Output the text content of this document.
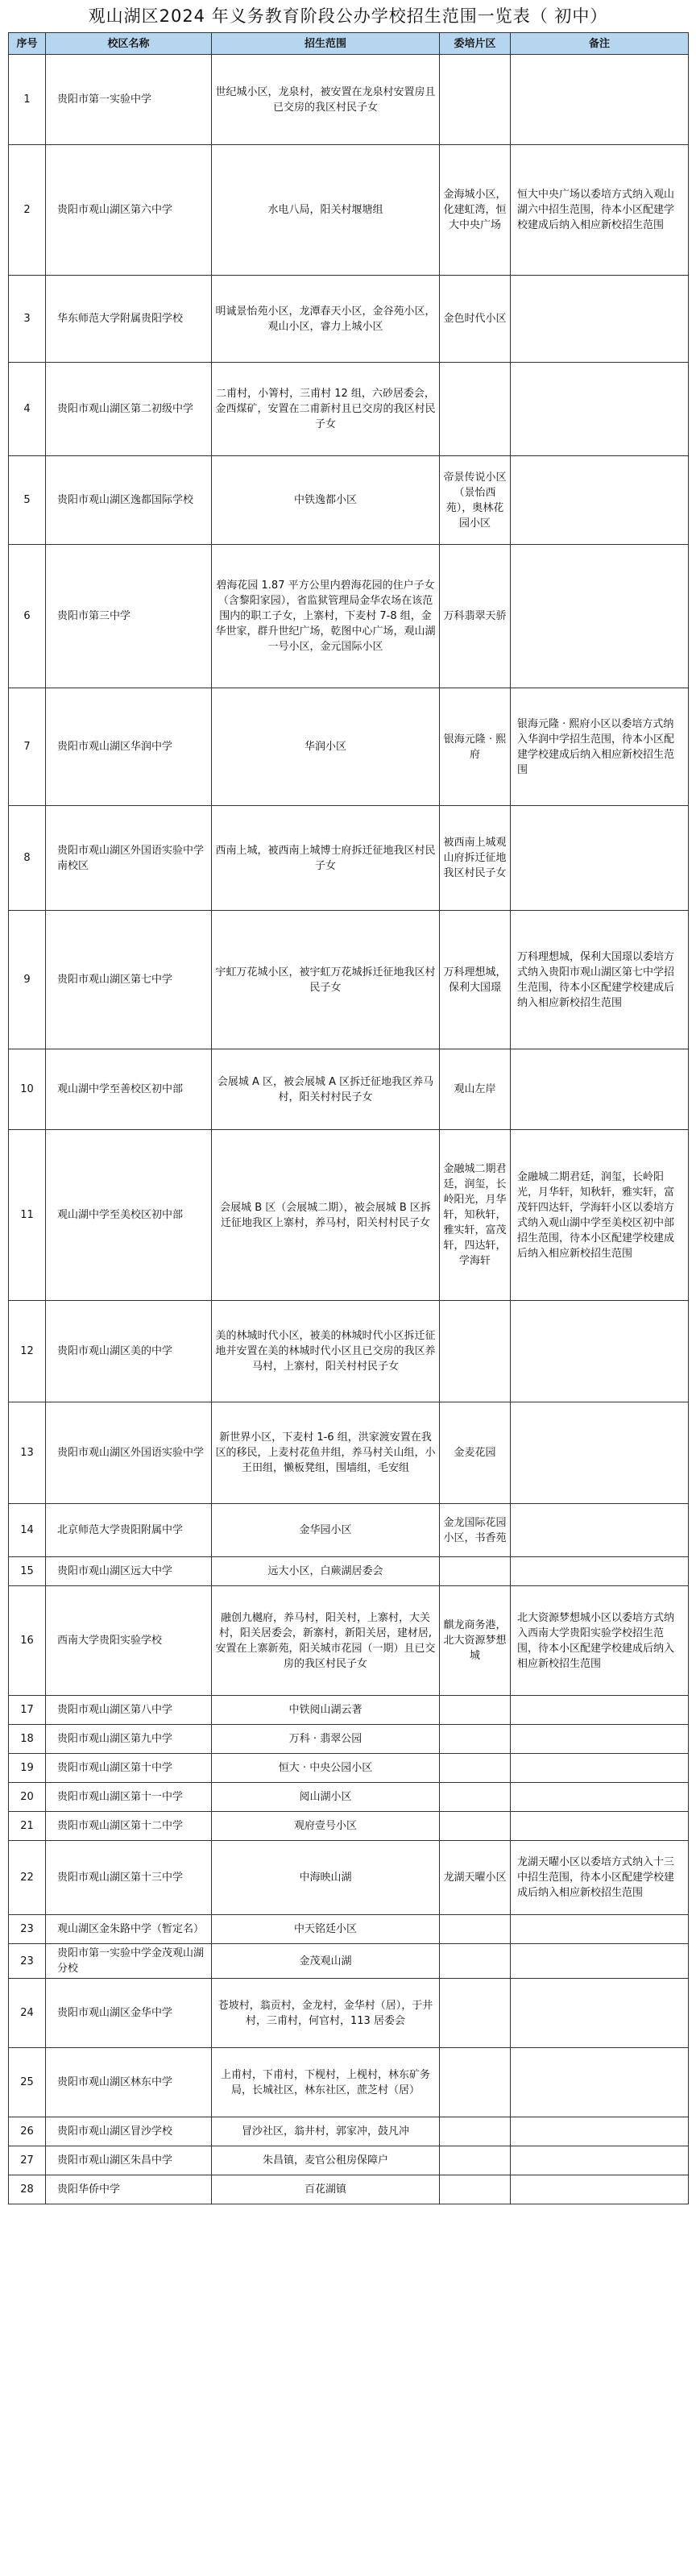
观山湖区2024 年义务教育阶段公办学校招生范围一览表（ 初中）
序号	校区名称	招生范围	委培片区	备注

1	贵阳市第一实验中学	世纪城小区，龙泉村，被安置在龙泉村安置房且已交房的我区村民子女		

2	贵阳市观山湖区第六中学	水电八局，阳关村堰塘组	金海城小区，化建虹湾，恒大中央广场	恒大中央广场以委培方式纳入观山湖六中招生范围，待本小区配建学校建成后纳入相应新校招生范围

3	华东师范大学附属贵阳学校	明诚景怡苑小区，龙潭春天小区，金谷苑小区，观山小区，睿力上城小区	金色时代小区	

4	贵阳市观山湖区第二初级中学	二甫村，小箐村，三甫村 12 组，六砂居委会，金西煤矿，安置在二甫新村且已交房的我区村民子女		

5	贵阳市观山湖区逸都国际学校	中铁逸都小区	帝景传说小区（景怡西苑），奥林花园小区	

6	贵阳市第三中学	碧海花园 1.87 平方公里内碧海花园的住户子女（含黎阳家园），省监狱管理局金华农场在该范围内的职工子女，上寨村，下麦村 7-8 组，金华世家，群升世纪广场，乾图中心广场，观山湖一号小区，金元国际小区	万科翡翠天骄	

7	贵阳市观山湖区华润中学	华润小区	银海元隆 · 熙府	银海元隆 · 熙府小区以委培方式纳入华润中学招生范围，待本小区配建学校建成后纳入相应新校招生范围

8	贵阳市观山湖区外国语实验中学南校区	西南上城，被西南上城博士府拆迁征地我区村民子女	被西南上城观山府拆迁征地我区村民子女	

9	贵阳市观山湖区第七中学	宇虹万花城小区，被宇虹万花城拆迁征地我区村民子女	万科理想城，保利大国璟	万科理想城，保利大国璟以委培方式纳入贵阳市观山湖区第七中学招生范围，待本小区配建学校建成后纳入相应新校招生范围

10	观山湖中学至善校区初中部	会展城 A 区，被会展城 A 区拆迁征地我区养马村，阳关村村民子女	观山左岸	

11	观山湖中学至美校区初中部	会展城 B 区（会展城二期），被会展城 B 区拆迁征地我区上寨村，养马村，阳关村村民子女	金融城二期君廷，润玺，长岭阳光，月华轩，知秋轩，雅实轩，富茂轩，四达轩，学海轩	金融城二期君廷，润玺，长岭阳光，月华轩，知秋轩，雅实轩，富茂轩四达轩，学海轩小区以委培方式纳入观山湖中学至美校区初中部招生范围，待本小区配建学校建成后纳入相应新校招生范围

12	贵阳市观山湖区美的中学	美的林城时代小区，被美的林城时代小区拆迁征地并安置在美的林城时代小区且已交房的我区养马村，上寨村，阳关村村民子女		

13	贵阳市观山湖区外国语实验中学	新世界小区，下麦村 1-6 组，洪家渡安置在我区的移民，上麦村花鱼井组，养马村关山组，小王田组，懒板凳组，围墙组，毛安组	金麦花园	

14	北京师范大学贵阳附属中学	金华园小区	金龙国际花园小区，书香苑	

15	贵阳市观山湖区远大中学	远大小区，白蕨湖居委会		

16	西南大学贵阳实验学校	融创九樾府，养马村，阳关村，上寨村，大关村，阳关居委会，新寨村，新阳关居，建材居,安置在上寨新苑，阳关城市花园（一期）且已交房的我区村民子女	麒龙商务港，北大资源梦想城	北大资源梦想城小区以委培方式纳入西南大学贵阳实验学校招生范围，待本小区配建学校建成后纳入相应新校招生范围

17	贵阳市观山湖区第八中学	中铁阅山湖云著		

18	贵阳市观山湖区第九中学	万科 · 翡翠公园		

19	贵阳市观山湖区第十中学	恒大 · 中央公园小区		

20	贵阳市观山湖区第十一中学	阅山湖小区		

21	贵阳市观山湖区第十二中学	观府壹号小区		

22	贵阳市观山湖区第十三中学	中海映山湖	龙湖天曜小区	龙湖天曜小区以委培方式纳入十三中招生范围，待本小区配建学校建成后纳入相应新校招生范围

23	观山湖区金朱路中学（暂定名）	中天铭廷小区		

23	贵阳市第一实验中学金茂观山湖分校	金茂观山湖		

24	贵阳市观山湖区金华中学	苍坡村，翁贡村，金龙村，金华村（居），于井村，三甫村，何官村，113 居委会		

25	贵阳市观山湖区林东中学	上甫村，下甫村，下枧村，上枧村，林东矿务局，长城社区，林东社区，蔗芝村（居）		

26	贵阳市观山湖区冒沙学校	冒沙社区，翁井村，郭家冲，鼓凡冲		

27	贵阳市观山湖区朱昌中学	朱昌镇，麦官公租房保障户		

28	贵阳华侨中学	百花湖镇		
